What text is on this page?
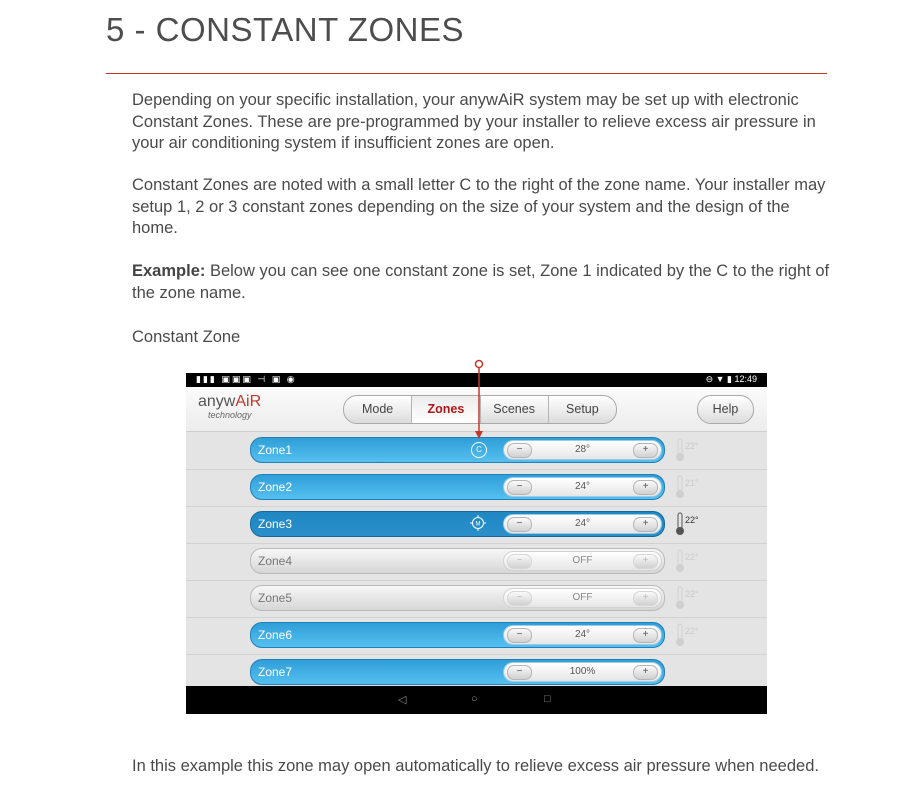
5 - CONSTANT ZONES

Depending on your specific installation, your anywAiR system may be set up with electronic Constant Zones. These are pre-programmed by your installer to relieve excess air pressure in your air conditioning system if insufficient zones are open.

Constant Zones are noted with a small letter C to the right of the zone name. Your installer may setup 1, 2 or 3 constant zones depending on the size of your system and the design of the home.

Example: Below you can see one constant zone is set, Zone 1 indicated by the C to the right of the zone name.

Constant Zone

▮▮▮ ▣▣▣ ⊣ ▣ ◉	⊖ ▼ ▮ 12:49
anywAiR
technology	Mode	Zones	Scenes	Setup	Help
Zone1	C	−	28°	+	22°
Zone2	−	24°	+	21°
Zone3	M	−	24°	+	22°
Zone4	−	OFF	+	22°
Zone5	−	OFF	+	22°
Zone6	−	24°	+	22°
Zone7	−	100%	+
◁	○	□

In this example this zone may open automatically to relieve excess air pressure when needed.
